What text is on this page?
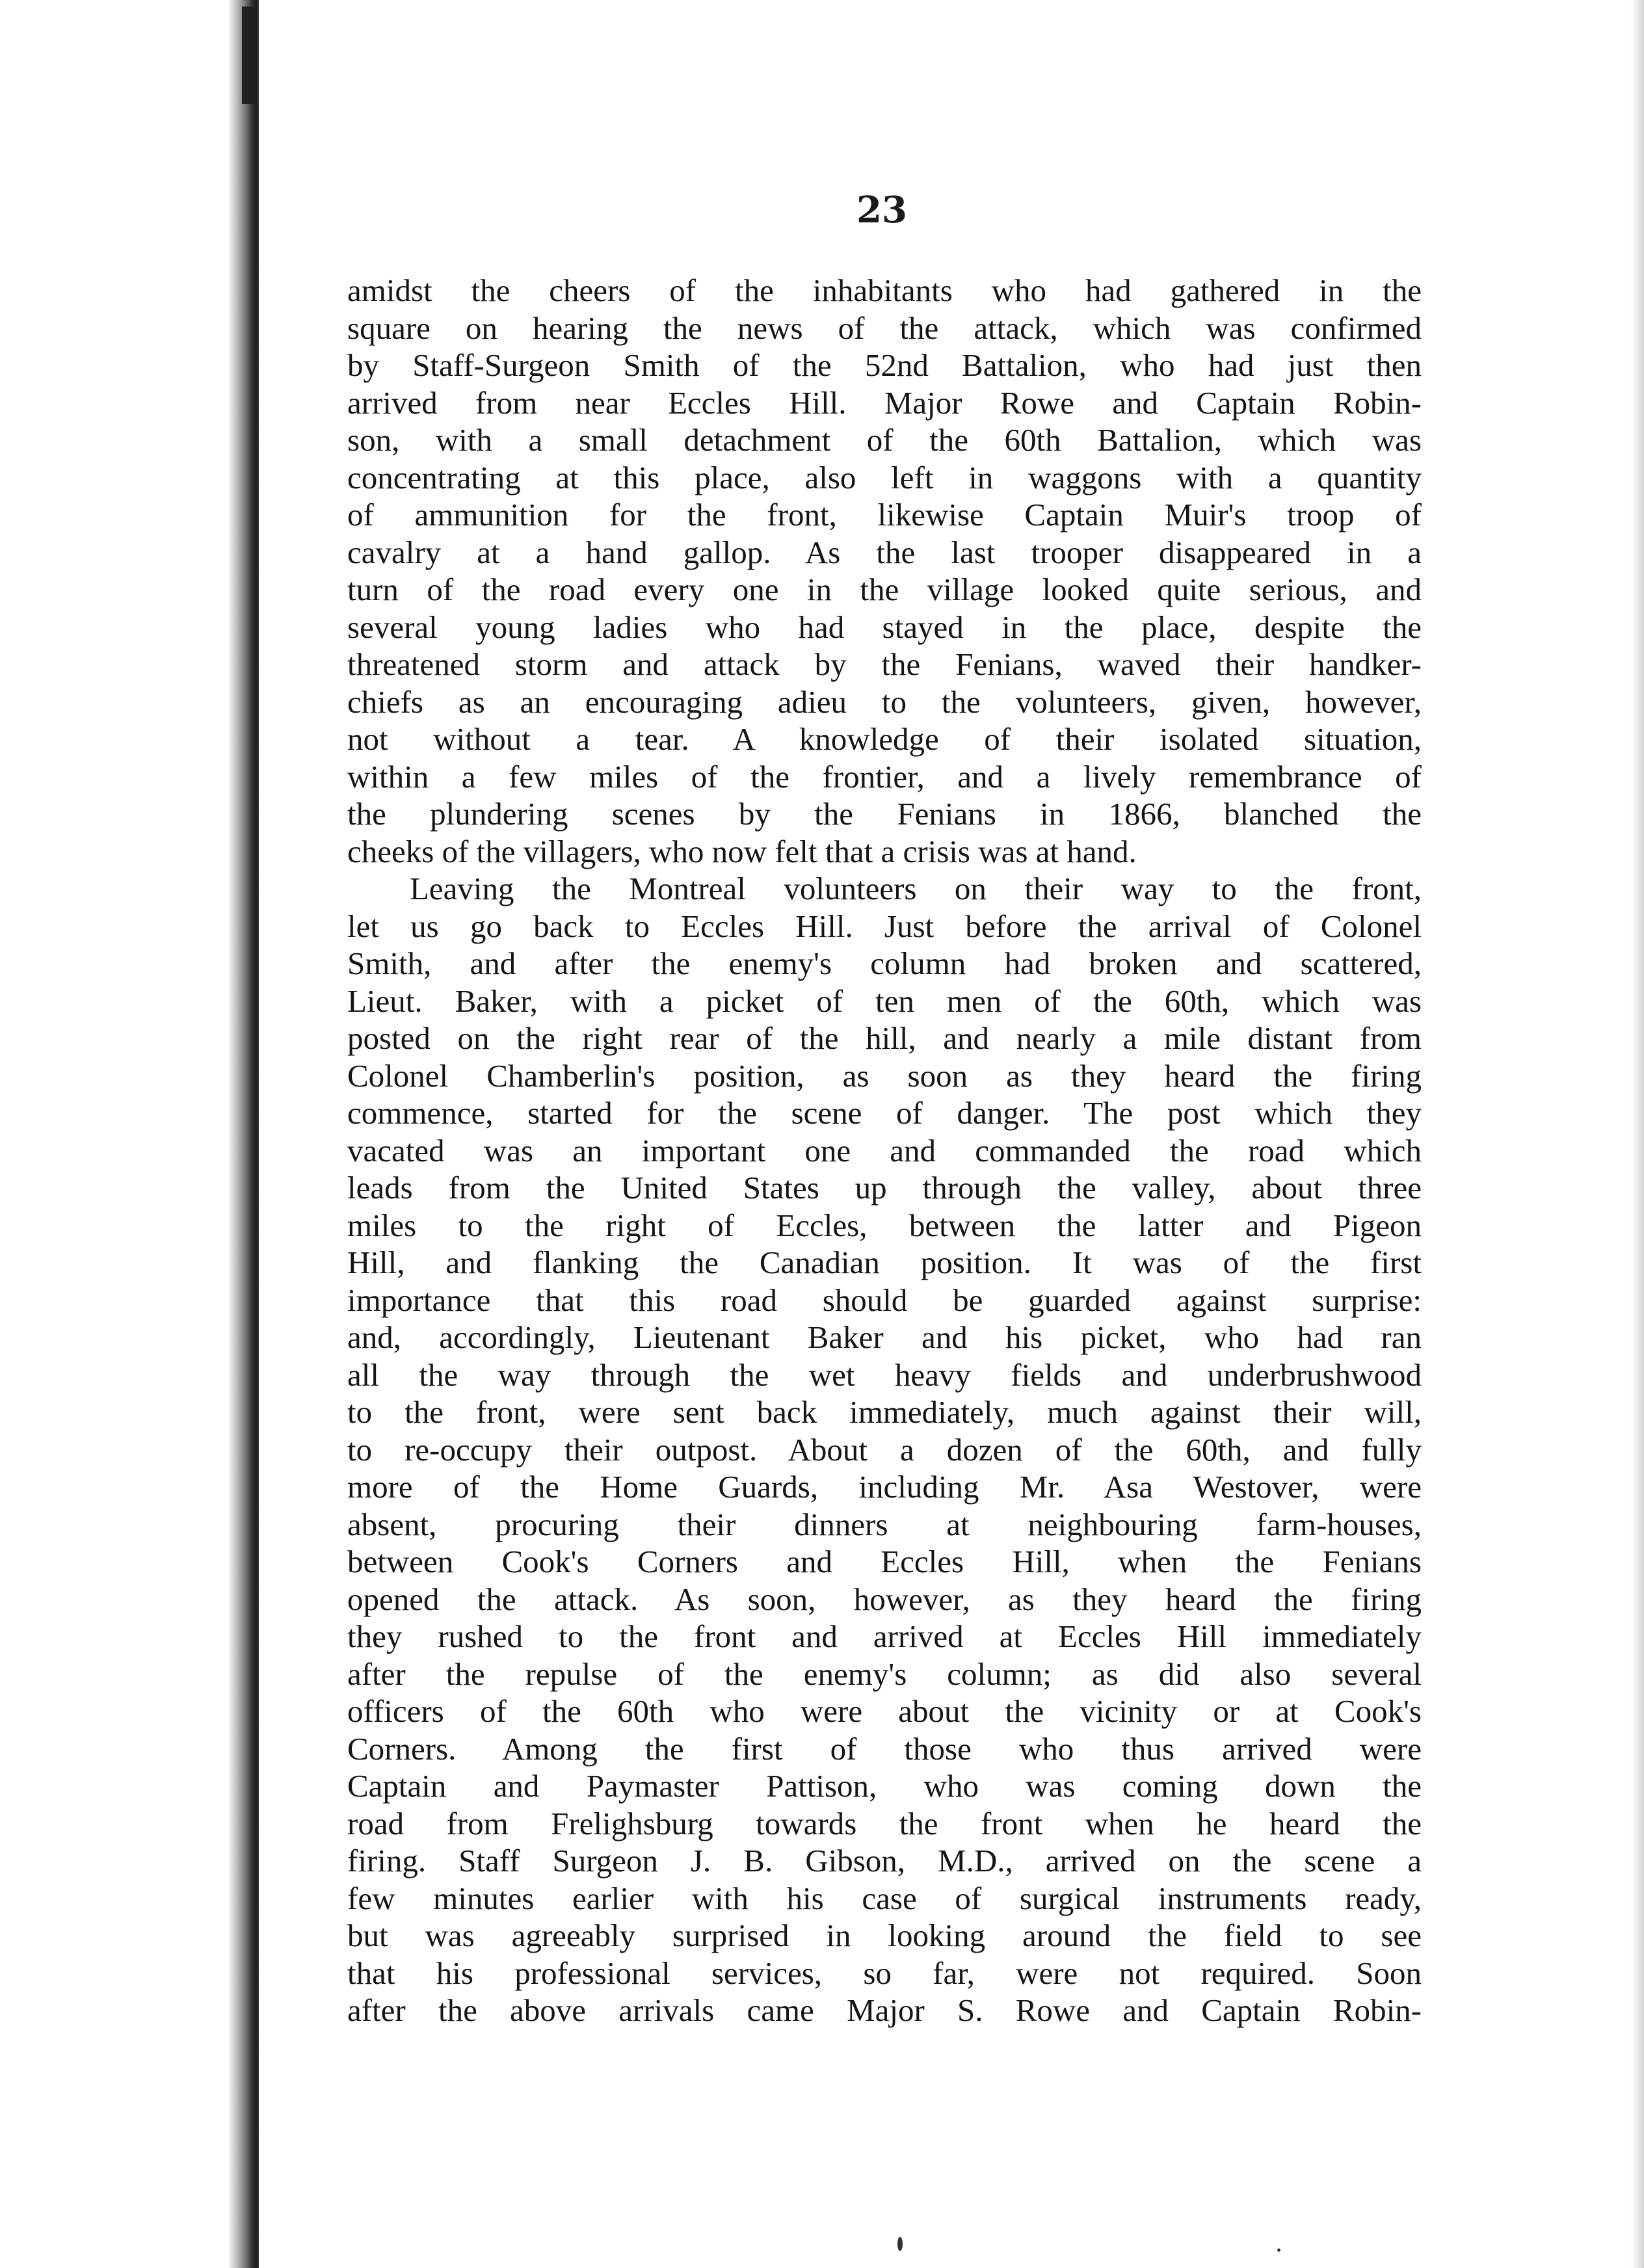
23
amidst the cheers of the inhabitants who had gathered in the
square on hearing the news of the attack, which was confirmed
by Staff-Surgeon Smith of the 52nd Battalion, who had just then
arrived from near Eccles Hill. Major Rowe and Captain Robin-
son, with a small detachment of the 60th Battalion, which was
concentrating at this place, also left in waggons with a quantity
of ammunition for the front, likewise Captain Muir's troop of
cavalry at a hand gallop. As the last trooper disappeared in a
turn of the road every one in the village looked quite serious, and
several young ladies who had stayed in the place, despite the
threatened storm and attack by the Fenians, waved their handker-
chiefs as an encouraging adieu to the volunteers, given, however,
not without a tear. A knowledge of their isolated situation,
within a few miles of the frontier, and a lively remembrance of
the plundering scenes by the Fenians in 1866, blanched the
cheeks of the villagers, who now felt that a crisis was at hand.
Leaving the Montreal volunteers on their way to the front,
let us go back to Eccles Hill. Just before the arrival of Colonel
Smith, and after the enemy's column had broken and scattered,
Lieut. Baker, with a picket of ten men of the 60th, which was
posted on the right rear of the hill, and nearly a mile distant from
Colonel Chamberlin's position, as soon as they heard the firing
commence, started for the scene of danger. The post which they
vacated was an important one and commanded the road which
leads from the United States up through the valley, about three
miles to the right of Eccles, between the latter and Pigeon
Hill, and flanking the Canadian position. It was of the first
importance that this road should be guarded against surprise:
and, accordingly, Lieutenant Baker and his picket, who had ran
all the way through the wet heavy fields and underbrushwood
to the front, were sent back immediately, much against their will,
to re-occupy their outpost. About a dozen of the 60th, and fully
more of the Home Guards, including Mr. Asa Westover, were
absent, procuring their dinners at neighbouring farm-houses,
between Cook's Corners and Eccles Hill, when the Fenians
opened the attack. As soon, however, as they heard the firing
they rushed to the front and arrived at Eccles Hill immediately
after the repulse of the enemy's column; as did also several
officers of the 60th who were about the vicinity or at Cook's
Corners. Among the first of those who thus arrived were
Captain and Paymaster Pattison, who was coming down the
road from Frelighsburg towards the front when he heard the
firing. Staff Surgeon J. B. Gibson, M.D., arrived on the scene a
few minutes earlier with his case of surgical instruments ready,
but was agreeably surprised in looking around the field to see
that his professional services, so far, were not required. Soon
after the above arrivals came Major S. Rowe and Captain Robin-
